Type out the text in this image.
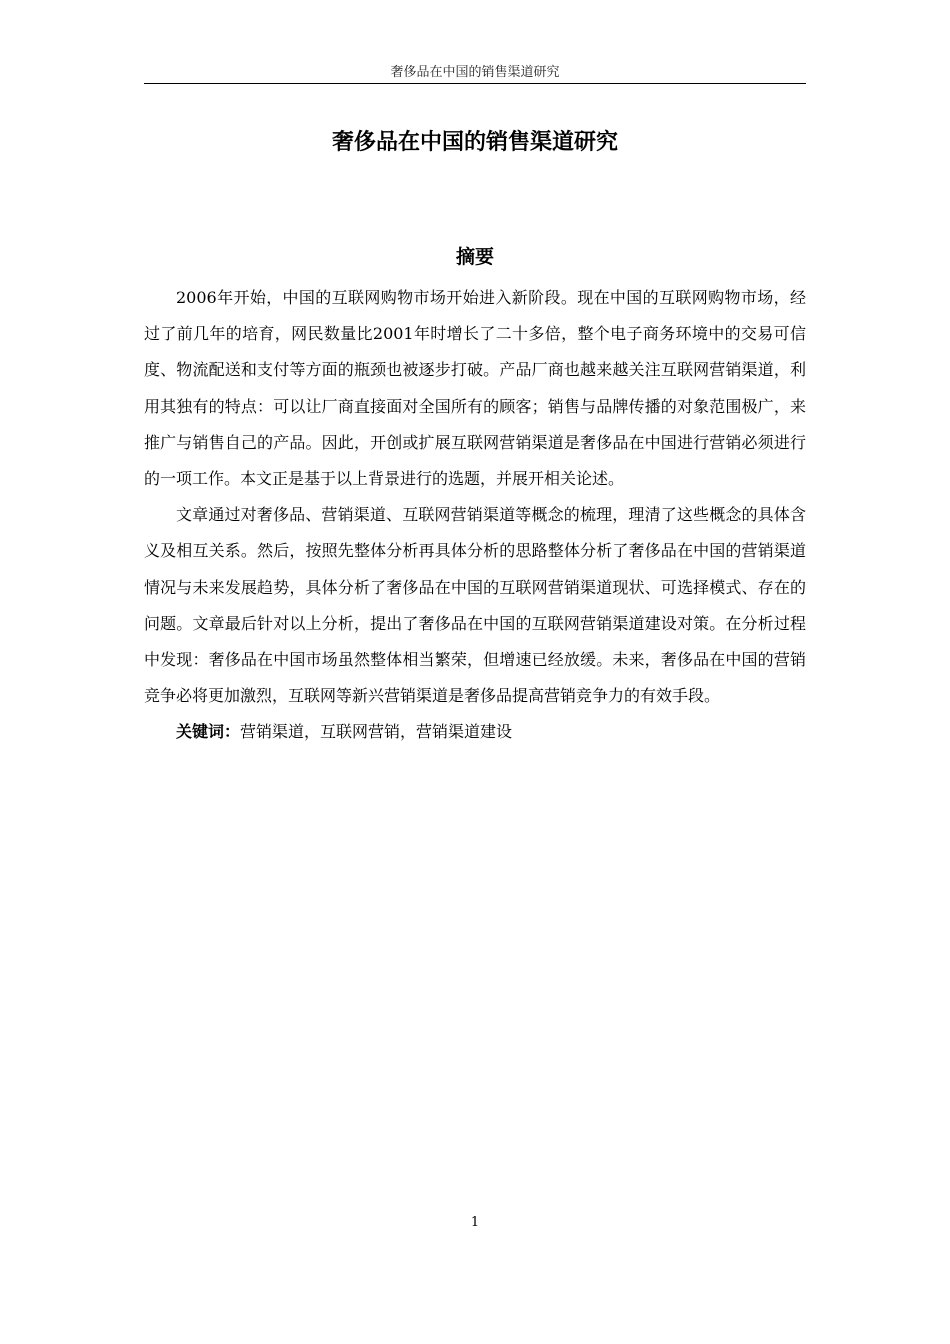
奢侈品在中国的销售渠道研究
奢侈品在中国的销售渠道研究
摘要

2006年开始，中国的互联网购物市场开始进入新阶段。现在中国的互联网购物市场，经过了前几年的培育，网民数量比2001年时增长了二十多倍，整个电子商务环境中的交易可信度、物流配送和支付等方面的瓶颈也被逐步打破。产品厂商也越来越关注互联网营销渠道，利用其独有的特点：可以让厂商直接面对全国所有的顾客；销售与品牌传播的对象范围极广，来推广与销售自己的产品。因此，开创或扩展互联网营销渠道是奢侈品在中国进行营销必须进行的一项工作。本文正是基于以上背景进行的选题，并展开相关论述。

文章通过对奢侈品、营销渠道、互联网营销渠道等概念的梳理，理清了这些概念的具体含义及相互关系。然后，按照先整体分析再具体分析的思路整体分析了奢侈品在中国的营销渠道情况与未来发展趋势，具体分析了奢侈品在中国的互联网营销渠道现状、可选择模式、存在的问题。文章最后针对以上分析，提出了奢侈品在中国的互联网营销渠道建设对策。在分析过程中发现：奢侈品在中国市场虽然整体相当繁荣，但增速已经放缓。未来，奢侈品在中国的营销竞争必将更加激烈，互联网等新兴营销渠道是奢侈品提高营销竞争力的有效手段。

关键词：营销渠道，互联网营销，营销渠道建设

1
